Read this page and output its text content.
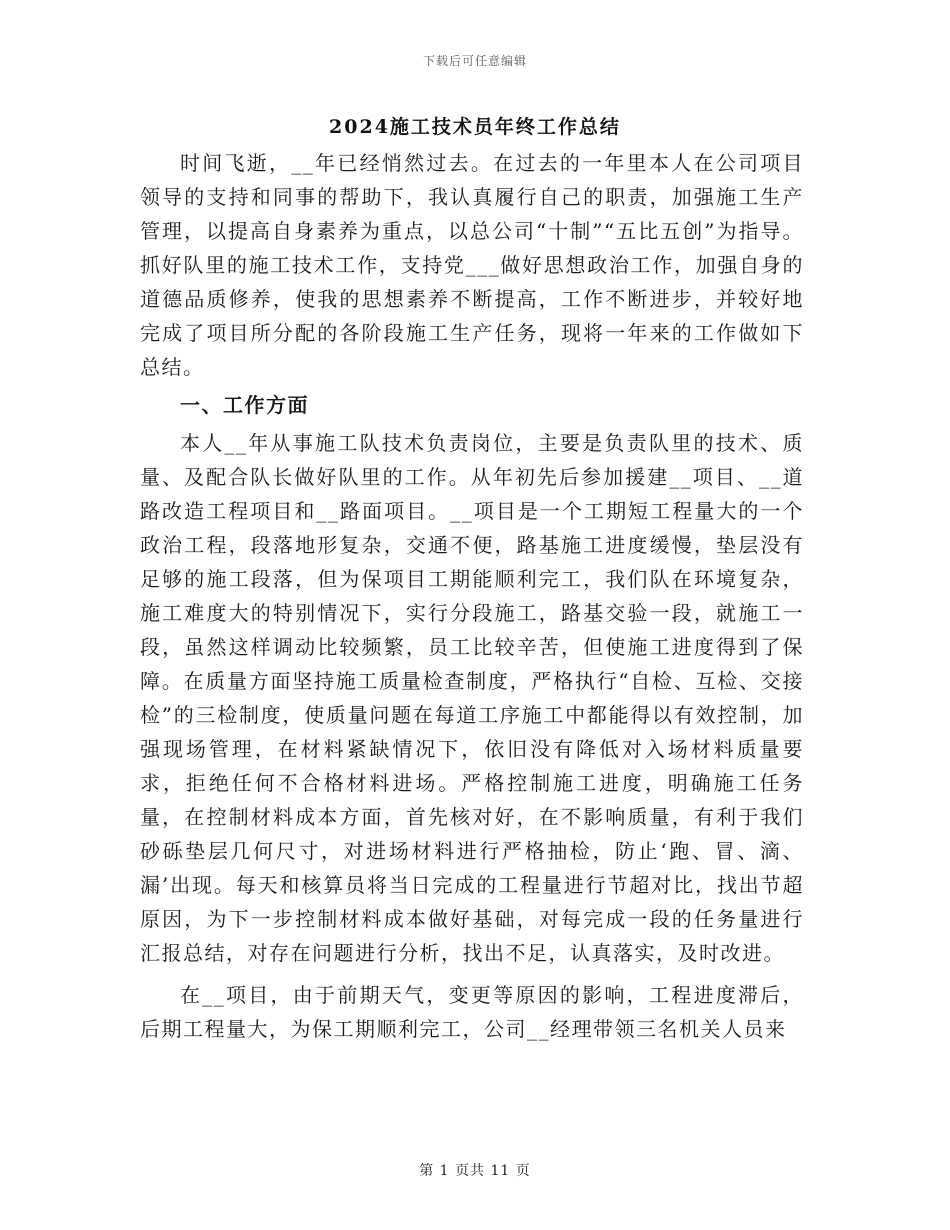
下载后可任意编辑
2024施工技术员年终工作总结

时间飞逝，__年已经悄然过去。在过去的一年里本人在公司项目领导的支持和同事的帮助下，我认真履行自己的职责，加强施工生产管理，以提高自身素养为重点，以总公司“十制”“五比五创”为指导。抓好队里的施工技术工作，支持党___做好思想政治工作，加强自身的道德品质修养，使我的思想素养不断提高，工作不断进步，并较好地完成了项目所分配的各阶段施工生产任务，现将一年来的工作做如下总结。

一、工作方面

本人__年从事施工队技术负责岗位，主要是负责队里的技术、质量、及配合队长做好队里的工作。从年初先后参加援建__项目、__道路改造工程项目和__路面项目。__项目是一个工期短工程量大的一个政治工程，段落地形复杂，交通不便，路基施工进度缓慢，垫层没有足够的施工段落，但为保项目工期能顺利完工，我们队在环境复杂，施工难度大的特别情况下，实行分段施工，路基交验一段，就施工一段，虽然这样调动比较频繁，员工比较辛苦，但使施工进度得到了保障。在质量方面坚持施工质量检查制度，严格执行“自检、互检、交接检”的三检制度，使质量问题在每道工序施工中都能得以有效控制，加强现场管理，在材料紧缺情况下，依旧没有降低对入场材料质量要求，拒绝任何不合格材料进场。严格控制施工进度，明确施工任务量，在控制材料成本方面，首先核对好，在不影响质量，有利于我们砂砾垫层几何尺寸，对进场材料进行严格抽检，防止‘跑、冒、滴、漏’出现。每天和核算员将当日完成的工程量进行节超对比，找出节超原因，为下一步控制材料成本做好基础，对每完成一段的任务量进行汇报总结，对存在问题进行分析，找出不足，认真落实，及时改进。

在__项目，由于前期天气，变更等原因的影响，工程进度滞后，后期工程量大，为保工期顺利完工，公司__经理带领三名机关人员来

第 1 页共 11 页
